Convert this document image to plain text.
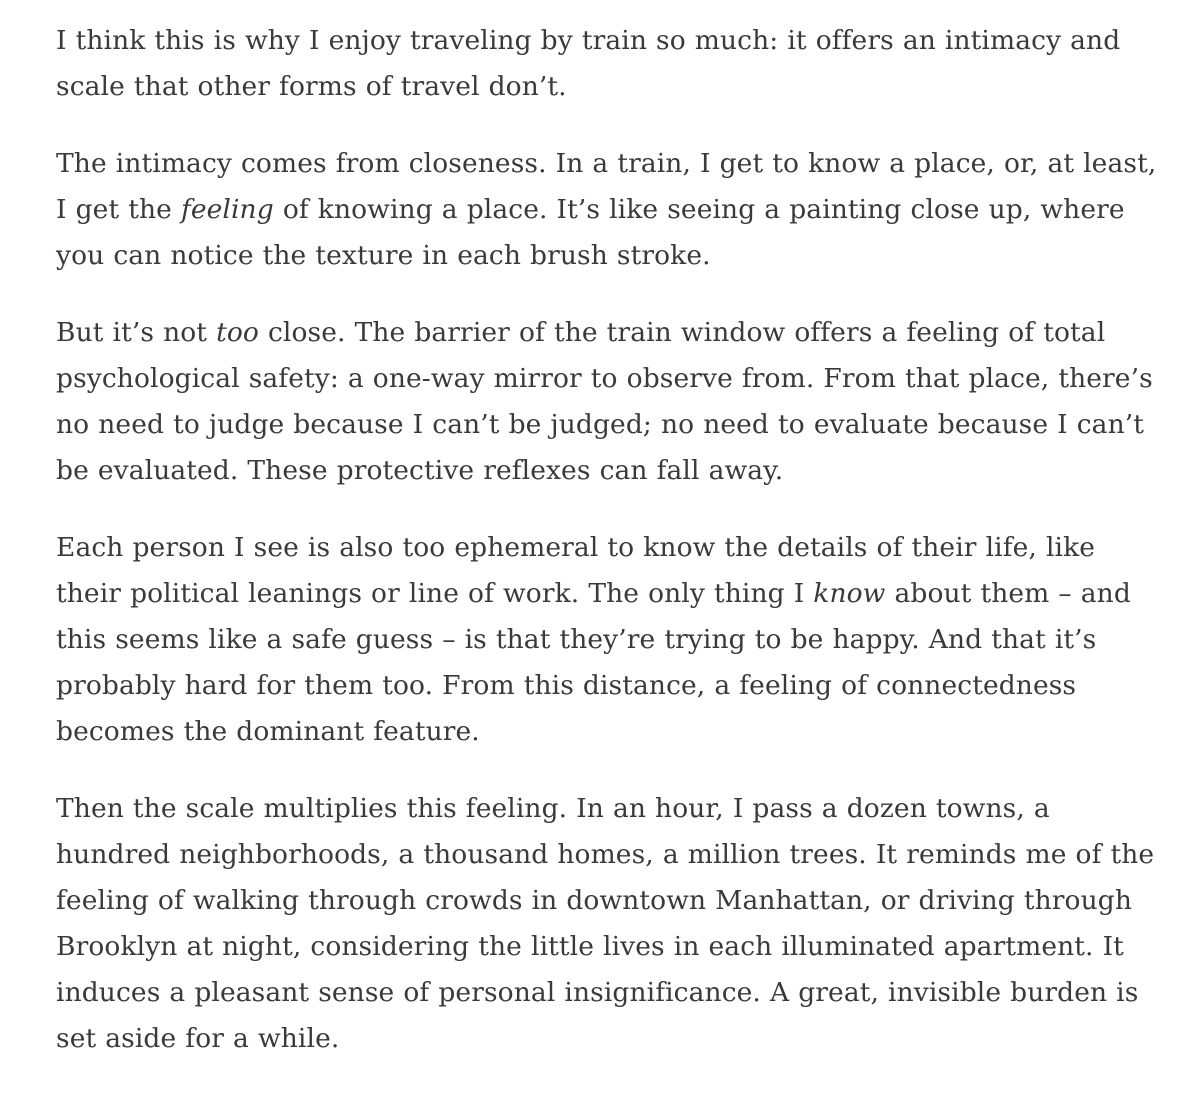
I think this is why I enjoy traveling by train so much: it offers an intimacy and scale that other forms of travel don’t.

The intimacy comes from closeness. In a train, I get to know a place, or, at least, I get the feeling of knowing a place. It’s like seeing a painting close up, where you can notice the texture in each brush stroke.

But it’s not too close. The barrier of the train window offers a feeling of total psychological safety: a one-way mirror to observe from. From that place, there’s no need to judge because I can’t be judged; no need to evaluate because I can’t be evaluated. These protective reflexes can fall away.

Each person I see is also too ephemeral to know the details of their life, like their political leanings or line of work. The only thing I know about them – and this seems like a safe guess – is that they’re trying to be happy. And that it’s probably hard for them too. From this distance, a feeling of connectedness becomes the dominant feature.

Then the scale multiplies this feeling. In an hour, I pass a dozen towns, a hundred neighborhoods, a thousand homes, a million trees. It reminds me of the feeling of walking through crowds in downtown Manhattan, or driving through Brooklyn at night, considering the little lives in each illuminated apartment. It induces a pleasant sense of personal insignificance. A great, invisible burden is set aside for a while.
